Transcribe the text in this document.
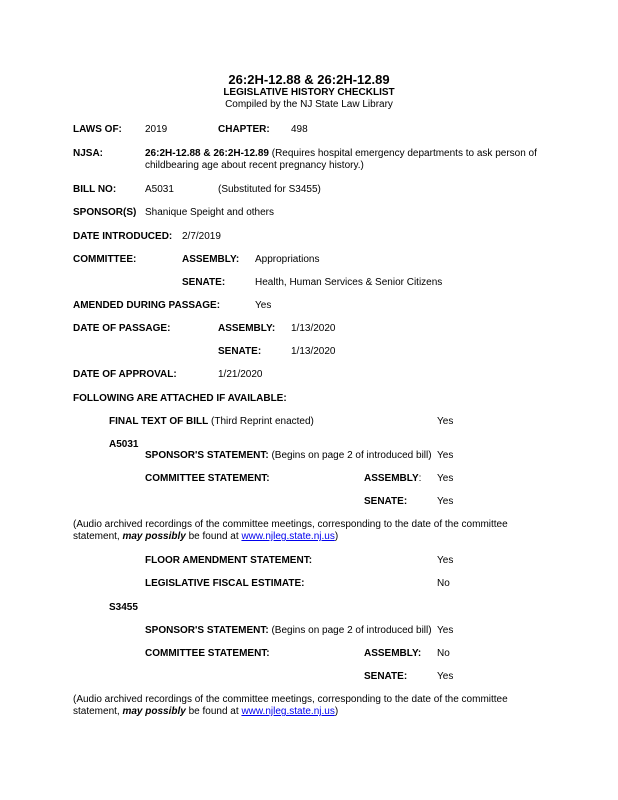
26:2H-12.88 & 26:2H-12.89
LEGISLATIVE HISTORY CHECKLIST
Compiled by the NJ State Law Library
LAWS OF: 2019	CHAPTER: 498
NJSA:	26:2H-12.88 & 26:2H-12.89 (Requires hospital emergency departments to ask person of
childbearing age about recent pregnancy history.)
BILL NO:	A5031	(Substituted for S3455)
SPONSOR(S) Shanique Speight and others
DATE INTRODUCED: 2/7/2019
COMMITTEE:	ASSEMBLY: Appropriations
SENATE:	Health, Human Services & Senior Citizens
AMENDED DURING PASSAGE:	Yes
DATE OF PASSAGE:	ASSEMBLY: 1/13/2020
SENATE:	1/13/2020
DATE OF APPROVAL:	1/21/2020
FOLLOWING ARE ATTACHED IF AVAILABLE:
FINAL TEXT OF BILL (Third Reprint enacted)	Yes
A5031
SPONSOR'S STATEMENT: (Begins on page 2 of introduced bill) Yes
COMMITTEE STATEMENT:	ASSEMBLY: Yes
SENATE:	Yes
(Audio archived recordings of the committee meetings, corresponding to the date of the committee
statement, may possibly be found at www.njleg.state.nj.us)
FLOOR AMENDMENT STATEMENT:	Yes
LEGISLATIVE FISCAL ESTIMATE:	No
S3455
SPONSOR'S STATEMENT: (Begins on page 2 of introduced bill) Yes
COMMITTEE STATEMENT:	ASSEMBLY: No
SENATE:	Yes
(Audio archived recordings of the committee meetings, corresponding to the date of the committee
statement, may possibly be found at www.njleg.state.nj.us)
